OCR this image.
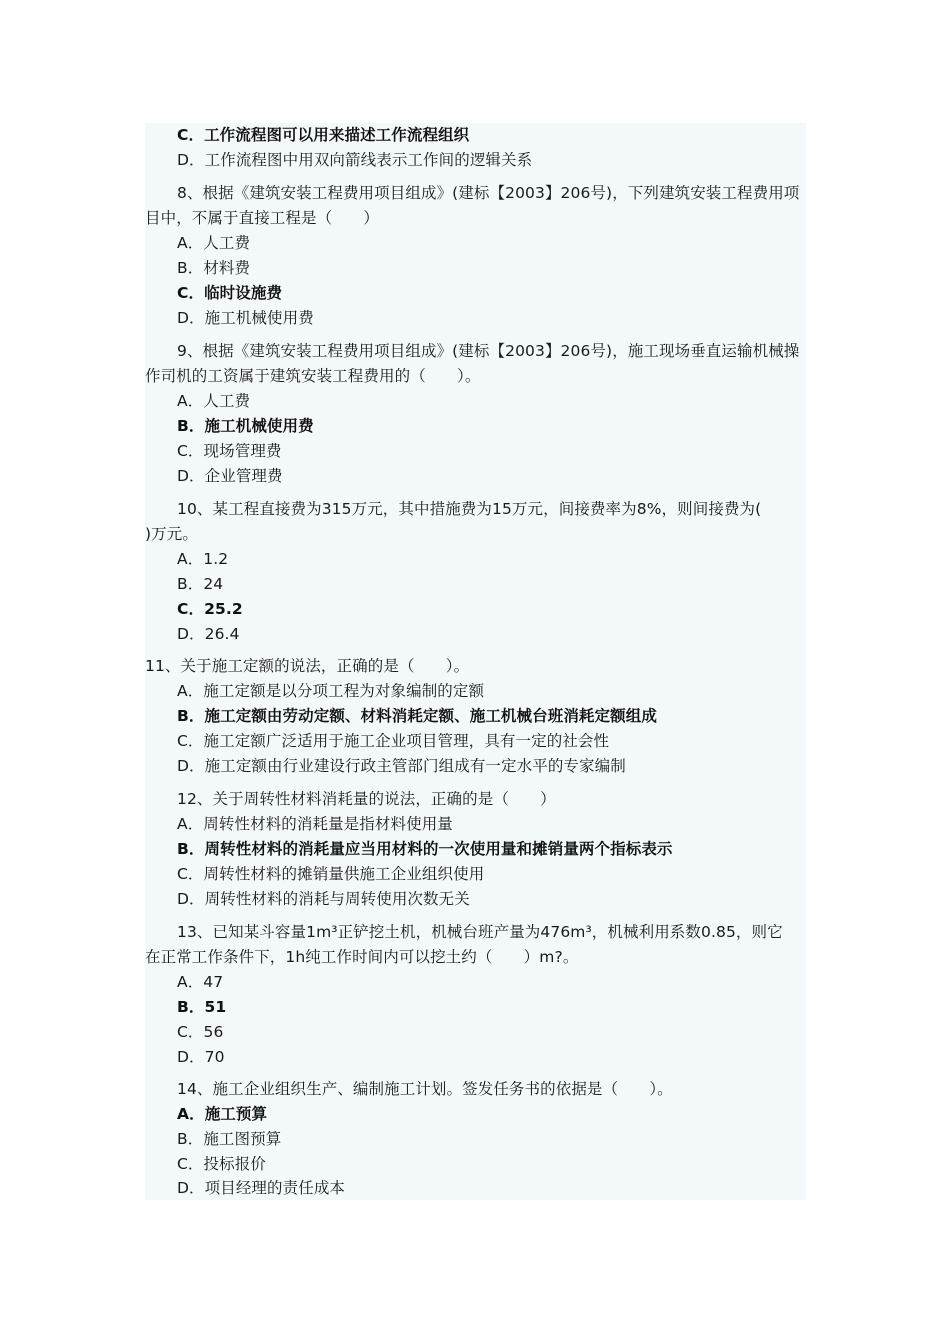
C．工作流程图可以用来描述工作流程组织
D．工作流程图中用双向箭线表示工作间的逻辑关系
8、根据《建筑安装工程费用项目组成》(建标【2003】206号)，下列建筑安装工程费用项
目中，不属于直接工程是（　　）
A．人工费
B．材料费
C．临时设施费
D．施工机械使用费
9、根据《建筑安装工程费用项目组成》(建标【2003】206号)，施工现场垂直运输机械操
作司机的工资属于建筑安装工程费用的（　　）。
A．人工费
B．施工机械使用费
C．现场管理费
D．企业管理费
10、某工程直接费为315万元，其中措施费为15万元，间接费率为8%，则间接费为(
)万元。
A．1.2
B．24
C．25.2
D．26.4
11、关于施工定额的说法，正确的是（　　）。
A．施工定额是以分项工程为对象编制的定额
B．施工定额由劳动定额、材料消耗定额、施工机械台班消耗定额组成
C．施工定额广泛适用于施工企业项目管理，具有一定的社会性
D．施工定额由行业建设行政主管部门组成有一定水平的专家编制
12、关于周转性材料消耗量的说法，正确的是（　　）
A．周转性材料的消耗量是指材料使用量
B．周转性材料的消耗量应当用材料的一次使用量和摊销量两个指标表示
C．周转性材料的摊销量供施工企业组织使用
D．周转性材料的消耗与周转使用次数无关
13、已知某斗容量1m³正铲挖土机，机械台班产量为476m³，机械利用系数0.85，则它
在正常工作条件下，1h纯工作时间内可以挖土约（　　）m?。
A．47
B．51
C．56
D．70
14、施工企业组织生产、编制施工计划。签发任务书的依据是（　　）。
A．施工预算
B．施工图预算
C．投标报价
D．项目经理的责任成本
